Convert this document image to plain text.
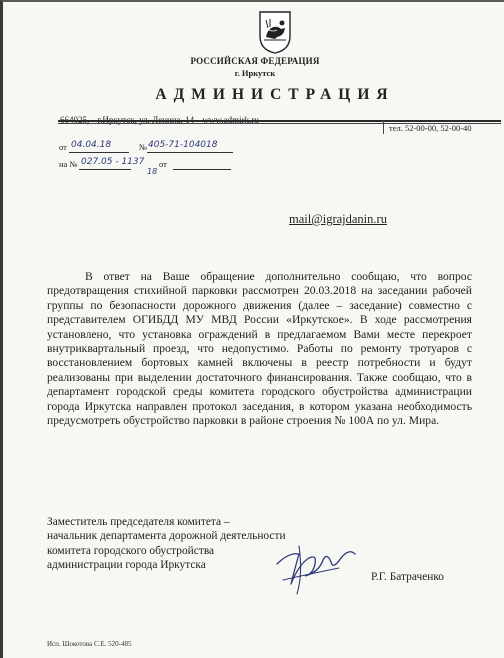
РОССИЙСКАЯ ФЕДЕРАЦИЯ
г. Иркутск
АДМИНИСТРАЦИЯ
тел. 52-00-00, 52-00-40
от 04.04.18	№ 405-71-104018
на № 027.05 - 1137
18
от
mail@igrajdanin.ru

В ответ на Ваше обращение дополнительно сообщаю, что вопрос предотвращения стихийной парковки рассмотрен 20.03.2018 на заседании рабочей группы по безопасности дорожного движения (далее – заседание) совместно с представителем ОГИБДД МУ МВД России «Иркутское». В ходе рассмотрения установлено, что установка ограждений в предлагаемом Вами месте перекроет внутриквартальный проезд, что недопустимо. Работы по ремонту тротуаров с восстановлением бортовых камней включены в реестр потребности и будут реализованы при выделении достаточного финансирования. Также сообщаю, что в департамент городской среды комитета городского обустройства администрации города Иркутска направлен протокол заседания, в котором указана необходимость предусмотреть обустройство парковки в районе строения № 100А по ул. Мира.

Заместитель председателя комитета –
начальник департамента дорожной деятельности
комитета городского обустройства
администрации города Иркутска
Р.Г. Батраченко
Исп. Шокотова С.Е. 520-485
